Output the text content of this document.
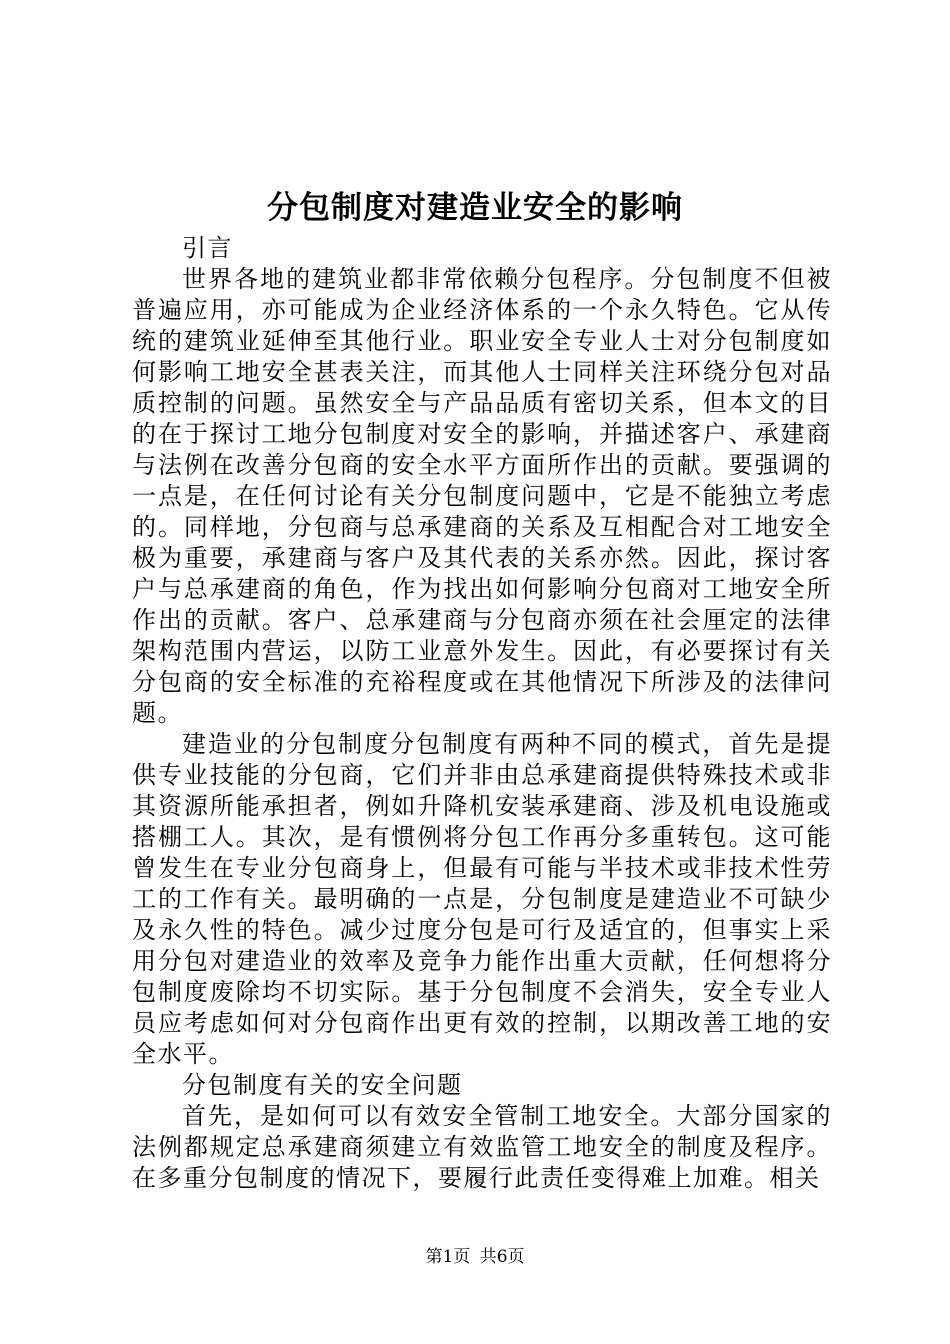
分包制度对建造业安全的影响

引言

世界各地的建筑业都非常依赖分包程序。分包制度不但被普遍应用，亦可能成为企业经济体系的一个永久特色。它从传统的建筑业延伸至其他行业。职业安全专业人士对分包制度如何影响工地安全甚表关注，而其他人士同样关注环绕分包对品质控制的问题。虽然安全与产品品质有密切关系，但本文的目的在于探讨工地分包制度对安全的影响，并描述客户、承建商与法例在改善分包商的安全水平方面所作出的贡献。要强调的一点是，在任何讨论有关分包制度问题中，它是不能独立考虑的。同样地，分包商与总承建商的关系及互相配合对工地安全极为重要，承建商与客户及其代表的关系亦然。因此，探讨客户与总承建商的角色，作为找出如何影响分包商对工地安全所作出的贡献。客户、总承建商与分包商亦须在社会厘定的法律架构范围内营运，以防工业意外发生。因此，有必要探讨有关分包商的安全标准的充裕程度或在其他情况下所涉及的法律问题。

建造业的分包制度分包制度有两种不同的模式，首先是提供专业技能的分包商，它们并非由总承建商提供特殊技术或非其资源所能承担者，例如升降机安装承建商、涉及机电设施或搭棚工人。其次，是有惯例将分包工作再分多重转包。这可能曾发生在专业分包商身上，但最有可能与半技术或非技术性劳工的工作有关。最明确的一点是，分包制度是建造业不可缺少及永久性的特色。减少过度分包是可行及适宜的，但事实上采用分包对建造业的效率及竞争力能作出重大贡献，任何想将分包制度废除均不切实际。基于分包制度不会消失，安全专业人员应考虑如何对分包商作出更有效的控制，以期改善工地的安全水平。

分包制度有关的安全问题

首先，是如何可以有效安全管制工地安全。大部分国家的法例都规定总承建商须建立有效监管工地安全的制度及程序。在多重分包制度的情况下，要履行此责任变得难上加难。相关

第1页 共6页
